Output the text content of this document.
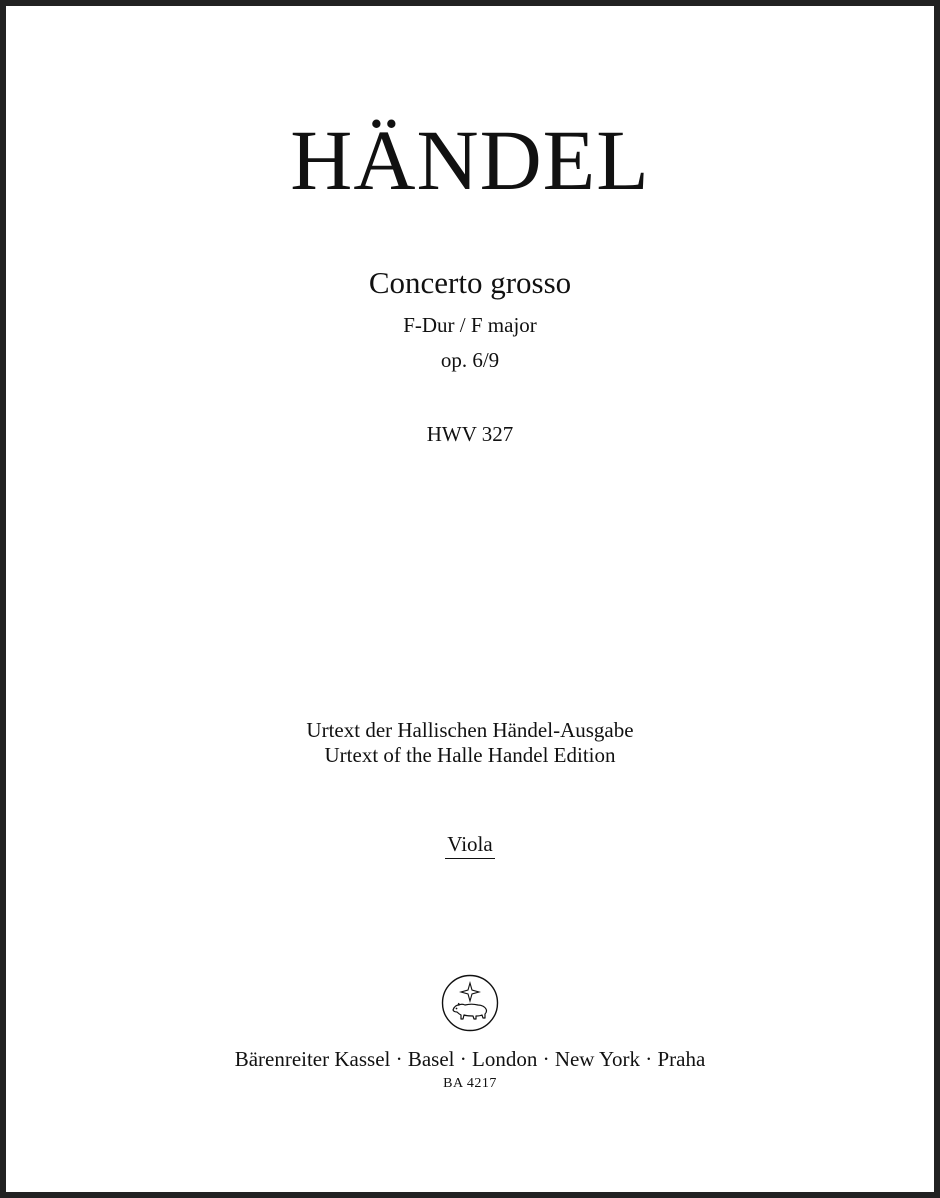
HÄNDEL
Concerto grosso
F-Dur / F major
op. 6/9
HWV 327
Urtext der Hallischen Händel-Ausgabe
Urtext of the Halle Handel Edition
Viola
Bärenreiter Kassel · Basel · London · New York · Praha
BA 4217
